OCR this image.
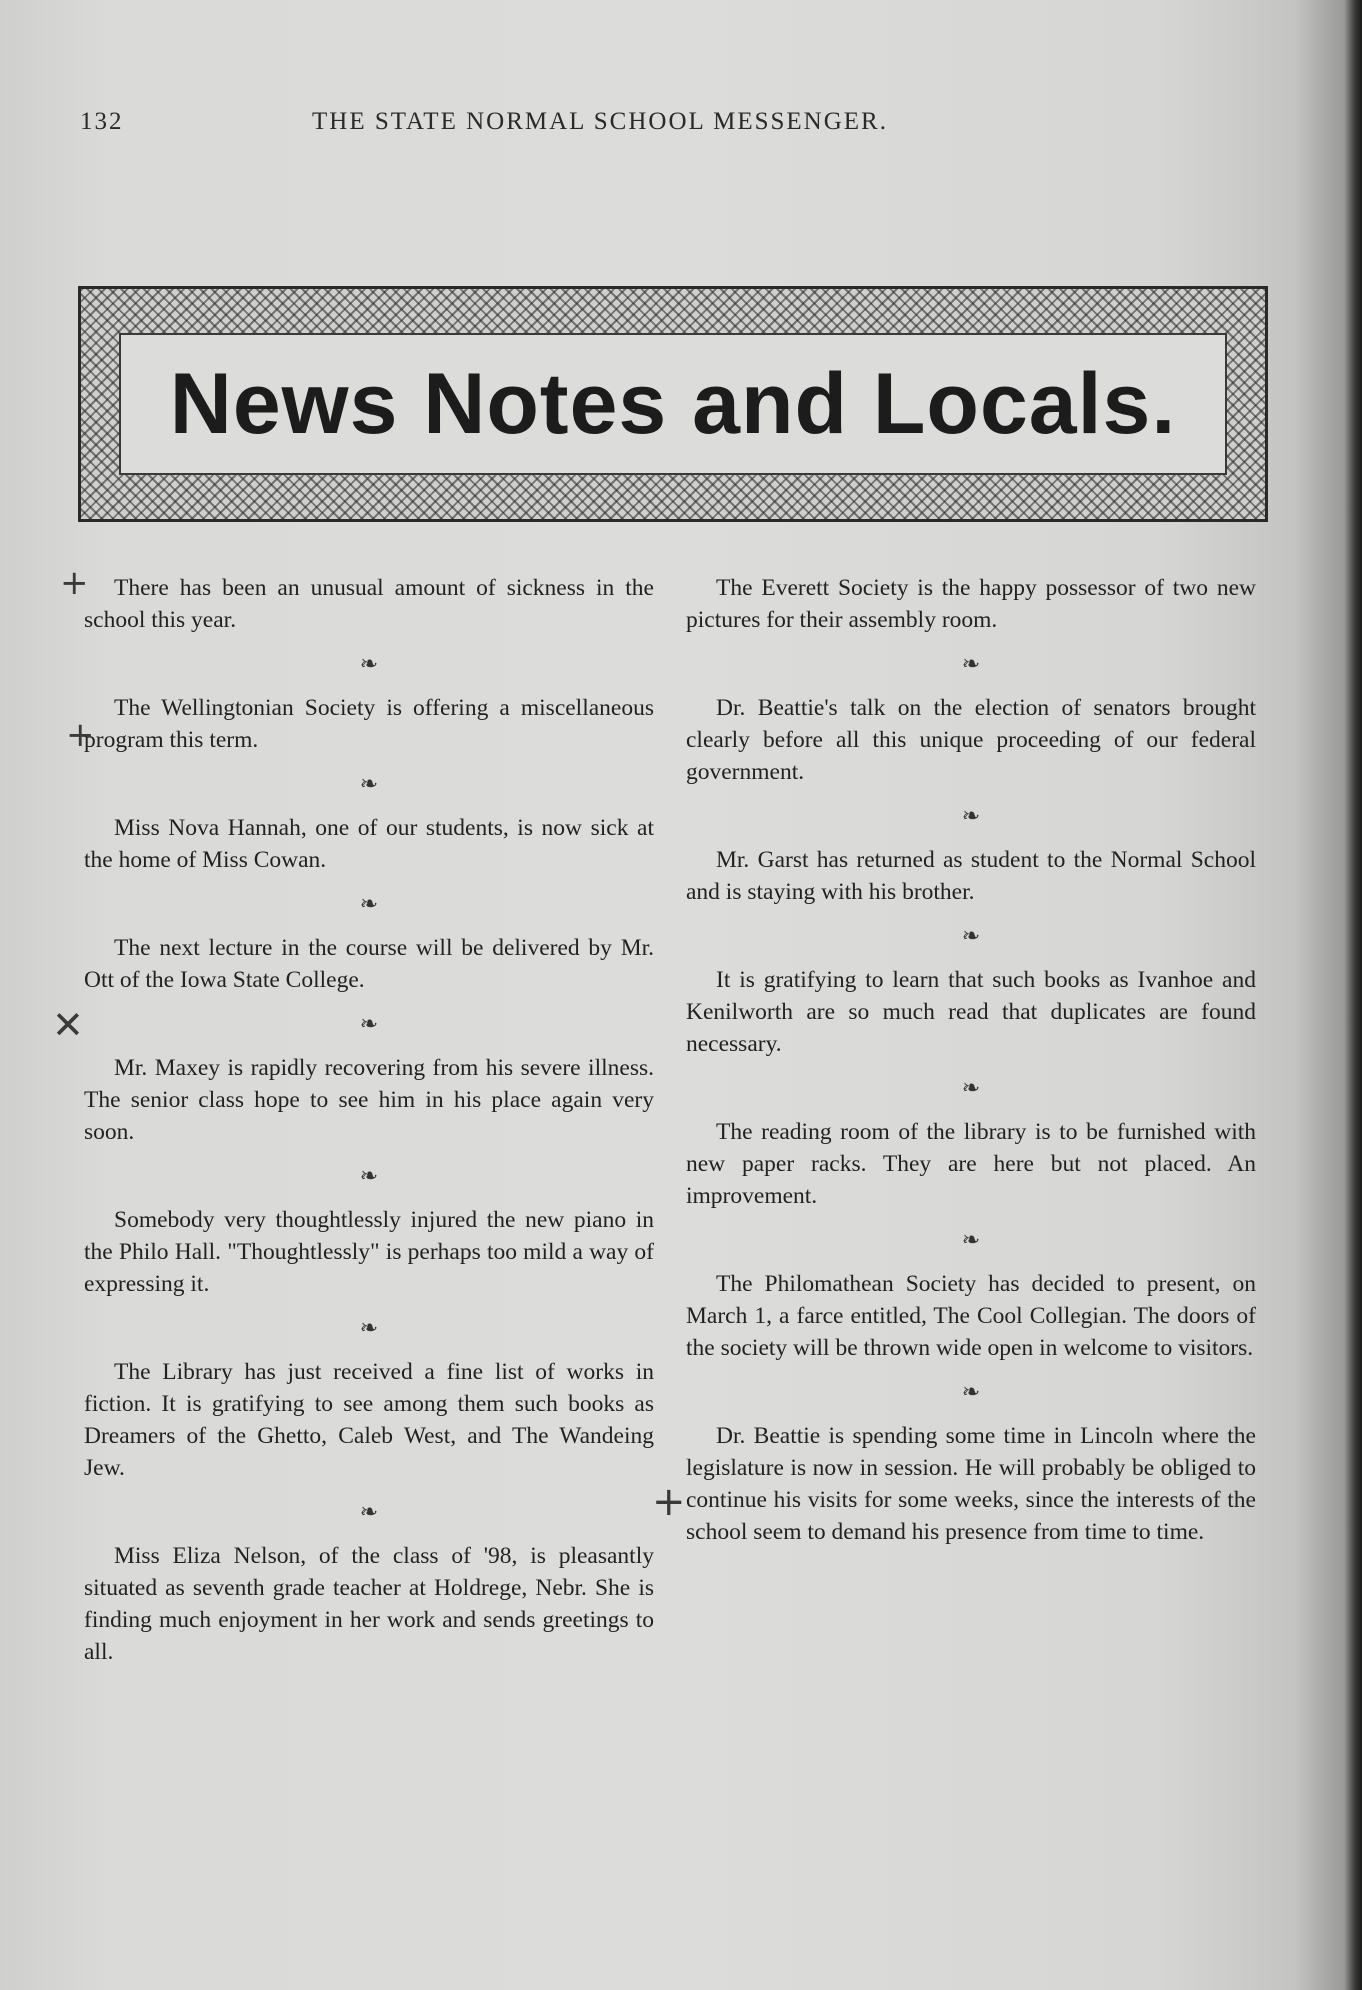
132	THE STATE NORMAL SCHOOL MESSENGER.
News Notes and Locals.

There has been an unusual amount of sickness in the school this year.

❧

The Wellingtonian Society is offering a miscellaneous program this term.

❧

Miss Nova Hannah, one of our students, is now sick at the home of Miss Cowan.

❧

The next lecture in the course will be delivered by Mr. Ott of the Iowa State College.

❧

Mr. Maxey is rapidly recovering from his severe illness. The senior class hope to see him in his place again very soon.

❧

Somebody very thoughtlessly injured the new piano in the Philo Hall. "Thoughtlessly" is perhaps too mild a way of expressing it.

❧

The Library has just received a fine list of works in fiction. It is gratifying to see among them such books as Dreamers of the Ghetto, Caleb West, and The Wandeing Jew.

❧

Miss Eliza Nelson, of the class of '98, is pleasantly situated as seventh grade teacher at Holdrege, Nebr. She is finding much enjoyment in her work and sends greetings to all.

The Everett Society is the happy possessor of two new pictures for their assembly room.

❧

Dr. Beattie's talk on the election of senators brought clearly before all this unique proceeding of our federal government.

❧

Mr. Garst has returned as student to the Normal School and is staying with his brother.

❧

It is gratifying to learn that such books as Ivanhoe and Kenilworth are so much read that duplicates are found necessary.

❧

The reading room of the library is to be furnished with new paper racks. They are here but not placed. An improvement.

❧

The Philomathean Society has decided to present, on March 1, a farce entitled, The Cool Collegian. The doors of the society will be thrown wide open in welcome to visitors.

❧

Dr. Beattie is spending some time in Lincoln where the legislature is now in session. He will probably be obliged to continue his visits for some weeks, since the interests of the school seem to demand his presence from time to time.

+
+
✕
+
